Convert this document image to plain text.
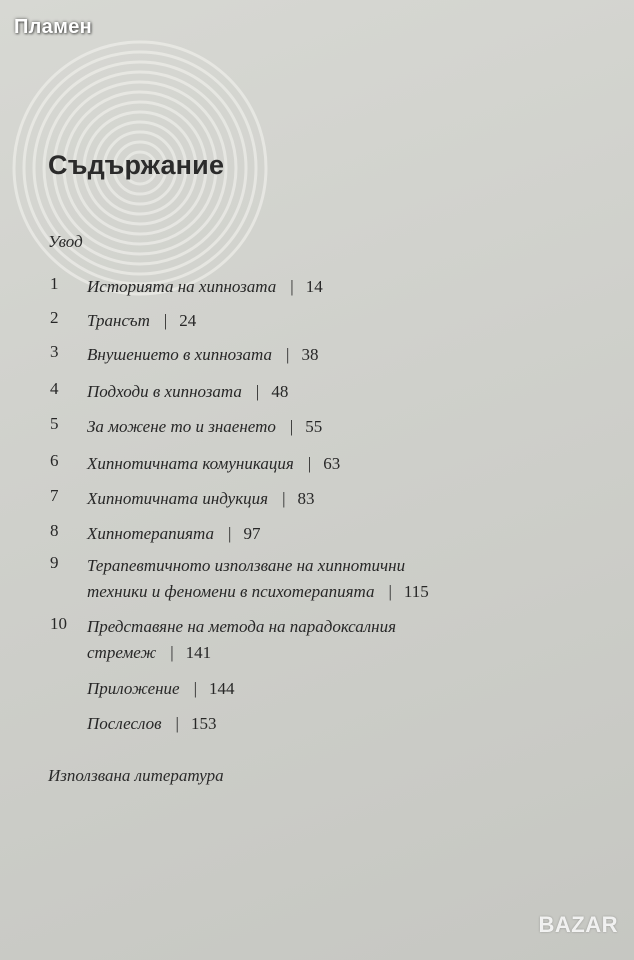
Пламен
Съдържание
Увод
1 Историята на хипнозата | 14
2 Трансът | 24
3 Внушението в хипнозата | 38
4 Подходи в хипнозата | 48
5 За можене то и знаенето | 55
6 Хипнотичната комуникация | 63
7 Хипнотичната индукция | 83
8 Хипнотерапията | 97
9 Терапевтичното използване на хипнотични
техники и феномени в психотерапията | 115
10 Представяне на метода на парадоксалния
стремеж | 141
Приложение | 144
Послеслов | 153
Използвана литература
BAZAR
